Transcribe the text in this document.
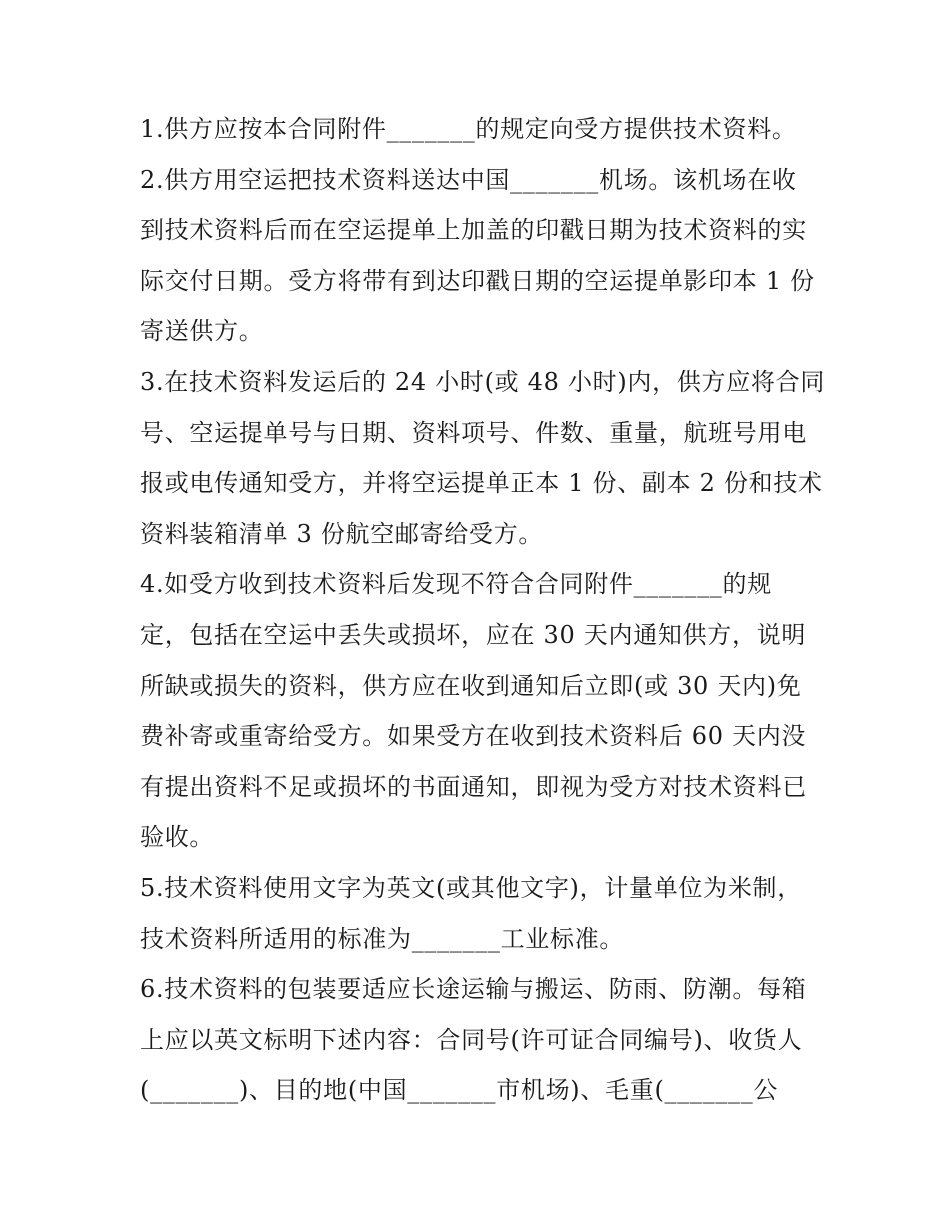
1.供方应按本合同附件_______的规定向受方提供技术资料。
2.供方用空运把技术资料送达中国_______机场。该机场在收
到技术资料后而在空运提单上加盖的印戳日期为技术资料的实
际交付日期。受方将带有到达印戳日期的空运提单影印本 1 份
寄送供方。
3.在技术资料发运后的 24 小时(或 48 小时)内，供方应将合同
号、空运提单号与日期、资料项号、件数、重量，航班号用电
报或电传通知受方，并将空运提单正本 1 份、副本 2 份和技术
资料装箱清单 3 份航空邮寄给受方。
4.如受方收到技术资料后发现不符合合同附件_______的规
定，包括在空运中丢失或损坏，应在 30 天内通知供方，说明
所缺或损失的资料，供方应在收到通知后立即(或 30 天内)免
费补寄或重寄给受方。如果受方在收到技术资料后 60 天内没
有提出资料不足或损坏的书面通知，即视为受方对技术资料已
验收。
5.技术资料使用文字为英文(或其他文字)，计量单位为米制，
技术资料所适用的标准为_______工业标准。
6.技术资料的包装要适应长途运输与搬运、防雨、防潮。每箱
上应以英文标明下述内容：合同号(许可证合同编号)、收货人
(_______)、目的地(中国_______市机场)、毛重(_______公
